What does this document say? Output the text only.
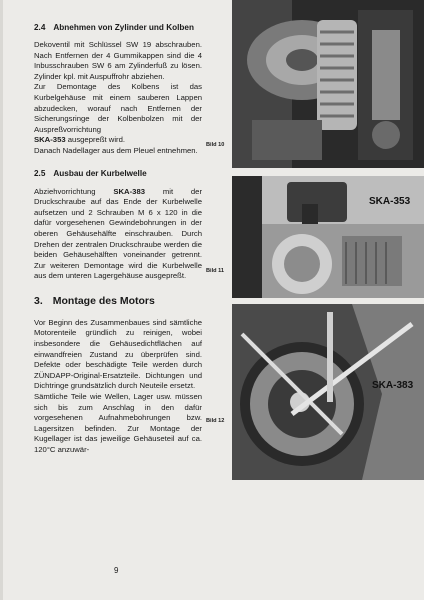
2.4 Abnehmen von Zylinder und Kolben

Dekoventil mit Schlüssel SW 19 abschrauben. Nach Entfernen der 4 Gummikappen sind die 4 Inbusschrauben SW 6 am Zylinderfuß zu lösen. Zylinder kpl. mit Auspuffrohr abziehen.

Zur Demontage des Kolbens ist das Kurbelgehäuse mit einem sauberen Lappen abzudecken, worauf nach Entfernen der Sicherungsringe der Kolbenbolzen mit der Auspreßvorrichtung

SKA-353 ausgepreßt wird.

Danach Nadellager aus dem Pleuel entnehmen.

2.5 Ausbau der Kurbelwelle

Abziehvorrichtung SKA-383 mit der Druckschraube auf das Ende der Kurbelwelle aufsetzen und 2 Schrauben M 6 x 120 in die dafür vorgesehenen Gewindebohrungen in der oberen Gehäusehälfte einschrauben. Durch Drehen der zentralen Druckschraube werden die beiden Gehäusehälften voneinander getrennt. Zur weiteren Demontage wird die Kurbelwelle aus dem unteren Lagergehäuse ausgepreßt.

3. Montage des Motors

Vor Beginn des Zusammenbaues sind sämtliche Motorenteile gründlich zu reinigen, wobei insbesondere die Gehäusedichtflächen auf einwandfreien Zustand zu überprüfen sind. Defekte oder beschädigte Teile werden durch ZÜNDAPP-Original-Ersatzteile. Dichtungen und Dichtringe grundsätzlich durch Neuteile ersetzt.

Sämtliche Teile wie Wellen, Lager usw. müssen sich bis zum Anschlag in den dafür vorgesehenen Aufnahmebohrungen bzw. Lagersitzen befinden. Zur Montage der Kugellager ist das jeweilige Gehäuseteil auf ca. 120°C anzuwär-

Bild 10
Bild 11
SKA-353
Bild 12
SKA-383
9
